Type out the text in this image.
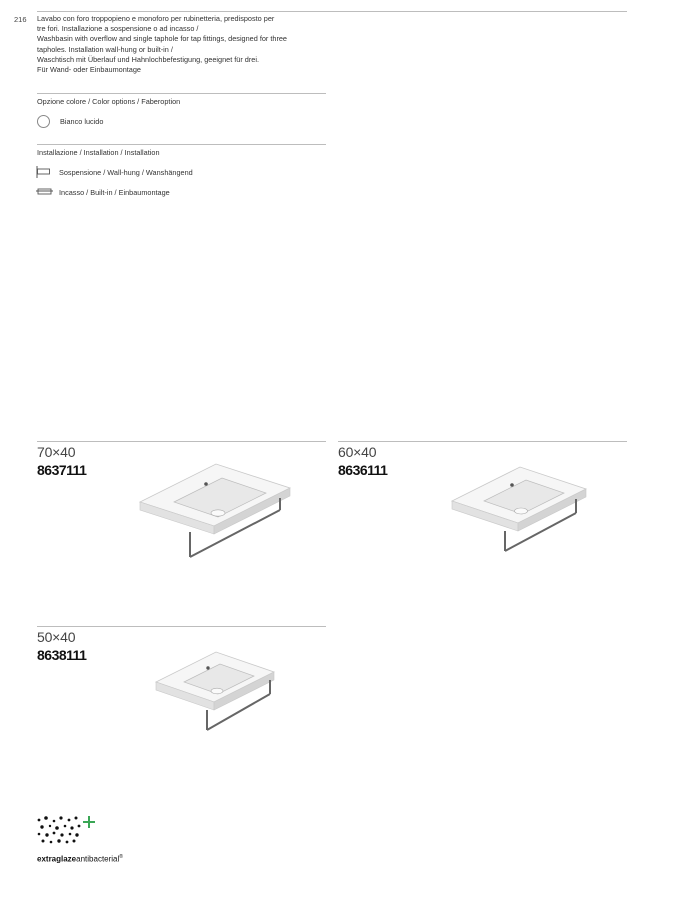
216 Lavabo con foro troppopieno e monoforo per rubinetteria, predisposto per
tre fori. Installazione a sospensione o ad incasso /
Washbasin with overflow and single taphole for tap fittings, designed for three
tapholes. Installation wall-hung or built-in /
Waschtisch mit Überlauf und Hahnlochbefestigung, geeignet für drei.
Für Wand- oder Einbaumontage
Opzione colore / Color options / Faberoption
Bianco lucido
Installazione / Installation / Installation
Sospensione / Wall-hung / Wanshängend
Incasso / Built-in / Einbaumontage
70×40
8637111
60×40
8636111
50×40
8638111
extraglazeantibacterial®
